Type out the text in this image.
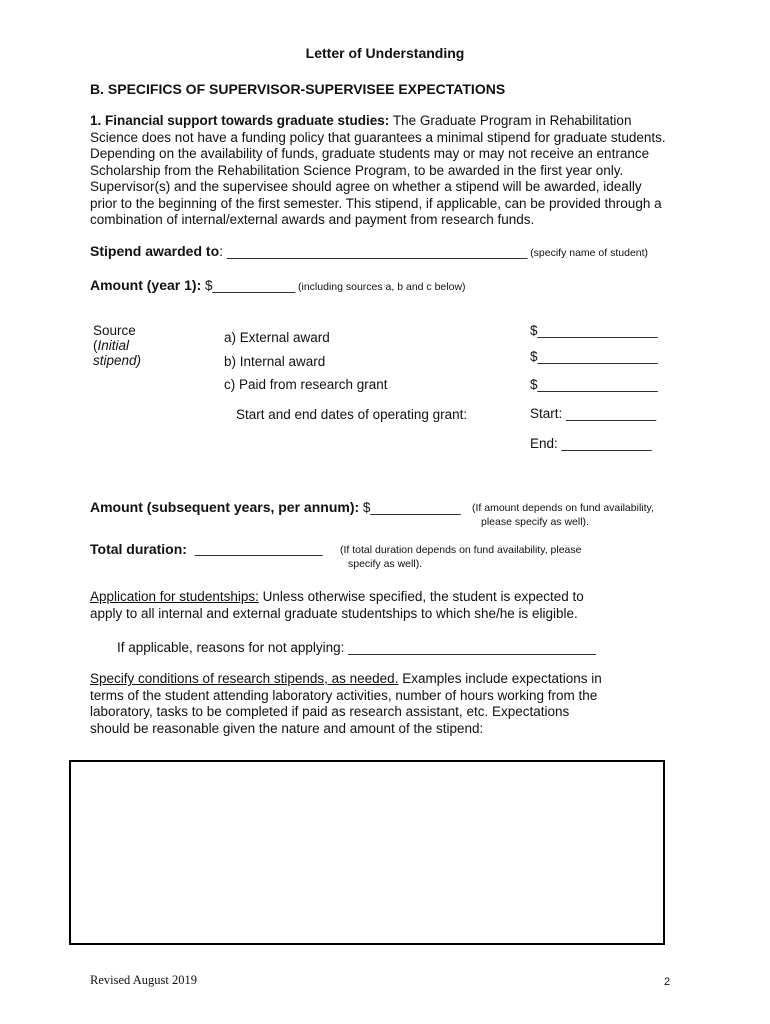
Letter of Understanding
B. SPECIFICS OF SUPERVISOR-SUPERVISEE EXPECTATIONS
1. Financial support towards graduate studies: The Graduate Program in Rehabilitation
Science does not have a funding policy that guarantees a minimal stipend for graduate students.
Depending on the availability of funds, graduate students may or may not receive an entrance
Scholarship from the Rehabilitation Science Program, to be awarded in the first year only.
Supervisor(s) and the supervisee should agree on whether a stipend will be awarded, ideally
prior to the beginning of the first semester. This stipend, if applicable, can be provided through a
combination of internal/external awards and payment from research funds.
Stipend awarded to: ________________________________________ (specify name of student)
Amount (year 1): $___________ (including sources a, b and c below)
Source
(Initial
stipend)
a) External award	$________________
b) Internal award	$________________
c) Paid from research grant	$________________
Start and end dates of operating grant:	Start: ____________
End: ____________
Amount (subsequent years, per annum): $____________ (If amount depends on fund availability,
please specify as well).
Total duration: _________________ (If total duration depends on fund availability, please
specify as well).
Application for studentships: Unless otherwise specified, the student is expected to
apply to all internal and external graduate studentships to which she/he is eligible.
If applicable, reasons for not applying: _________________________________
Specify conditions of research stipends, as needed. Examples include expectations in
terms of the student attending laboratory activities, number of hours working from the
laboratory, tasks to be completed if paid as research assistant, etc. Expectations
should be reasonable given the nature and amount of the stipend:
Revised August 2019	2
